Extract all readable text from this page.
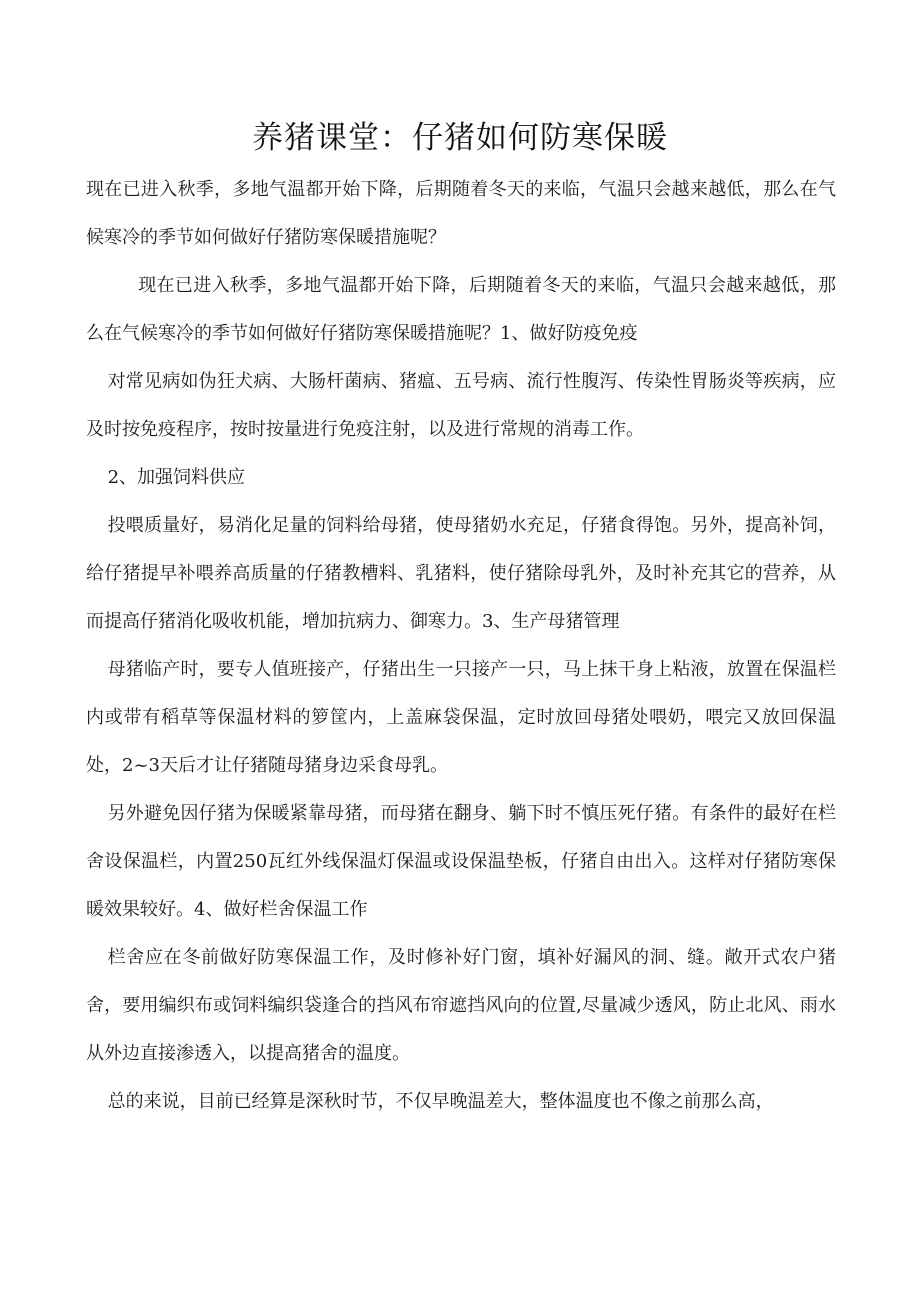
养猪课堂：仔猪如何防寒保暖

现在已进入秋季，多地气温都开始下降，后期随着冬天的来临，气温只会越来越低，那么在气候寒冷的季节如何做好仔猪防寒保暖措施呢？

现在已进入秋季，多地气温都开始下降，后期随着冬天的来临，气温只会越来越低，那么在气候寒冷的季节如何做好仔猪防寒保暖措施呢？1、做好防疫免疫

对常见病如伪狂犬病、大肠杆菌病、猪瘟、五号病、流行性腹泻、传染性胃肠炎等疾病，应及时按免疫程序，按时按量进行免疫注射，以及进行常规的消毒工作。

2、加强饲料供应

投喂质量好，易消化足量的饲料给母猪，使母猪奶水充足，仔猪食得饱。另外，提高补饲，给仔猪提早补喂养高质量的仔猪教槽料、乳猪料，使仔猪除母乳外，及时补充其它的营养，从而提高仔猪消化吸收机能，增加抗病力、御寒力。3、生产母猪管理

母猪临产时，要专人值班接产，仔猪出生一只接产一只，马上抹干身上粘液，放置在保温栏内或带有稻草等保温材料的箩筐内，上盖麻袋保温，定时放回母猪处喂奶，喂完又放回保温处，2~3天后才让仔猪随母猪身边采食母乳。

另外避免因仔猪为保暖紧靠母猪，而母猪在翻身、躺下时不慎压死仔猪。有条件的最好在栏舍设保温栏，内置250瓦红外线保温灯保温或设保温垫板，仔猪自由出入。这样对仔猪防寒保暖效果较好。4、做好栏舍保温工作

栏舍应在冬前做好防寒保温工作，及时修补好门窗，填补好漏风的洞、缝。敞开式农户猪舍，要用编织布或饲料编织袋逢合的挡风布帘遮挡风向的位置,尽量减少透风，防止北风、雨水从外边直接渗透入，以提高猪舍的温度。

总的来说，目前已经算是深秋时节，不仅早晚温差大，整体温度也不像之前那么高，
